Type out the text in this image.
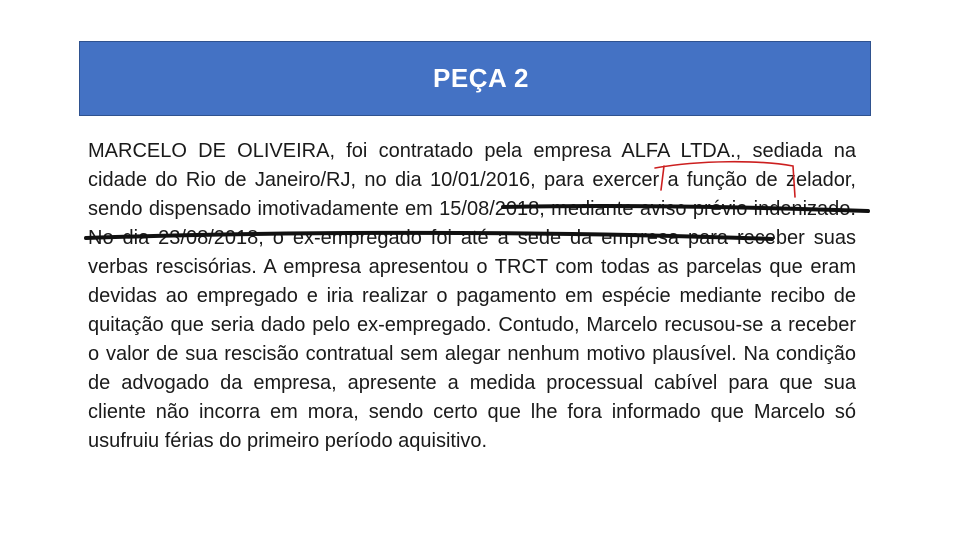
PEÇA 2

MARCELO DE OLIVEIRA, foi contratado pela empresa ALFA LTDA., sediada na cidade do Rio de Janeiro/RJ, no dia 10/01/2016, para exercer a função de zelador, sendo dispensado imotivadamente em 15/08/2018, mediante aviso prévio indenizado. No dia 23/08/2018, o ex-empregado foi até a sede da empresa para receber suas verbas rescisórias. A empresa apresentou o TRCT com todas as parcelas que eram devidas ao empregado e iria realizar o pagamento em espécie mediante recibo de quitação que seria dado pelo ex-empregado. Contudo, Marcelo recusou-se a receber o valor de sua rescisão contratual sem alegar nenhum motivo plausível. Na condição de advogado da empresa, apresente a medida processual cabível para que sua cliente não incorra em mora, sendo certo que lhe fora informado que Marcelo só usufruiu férias do primeiro período aquisitivo.
